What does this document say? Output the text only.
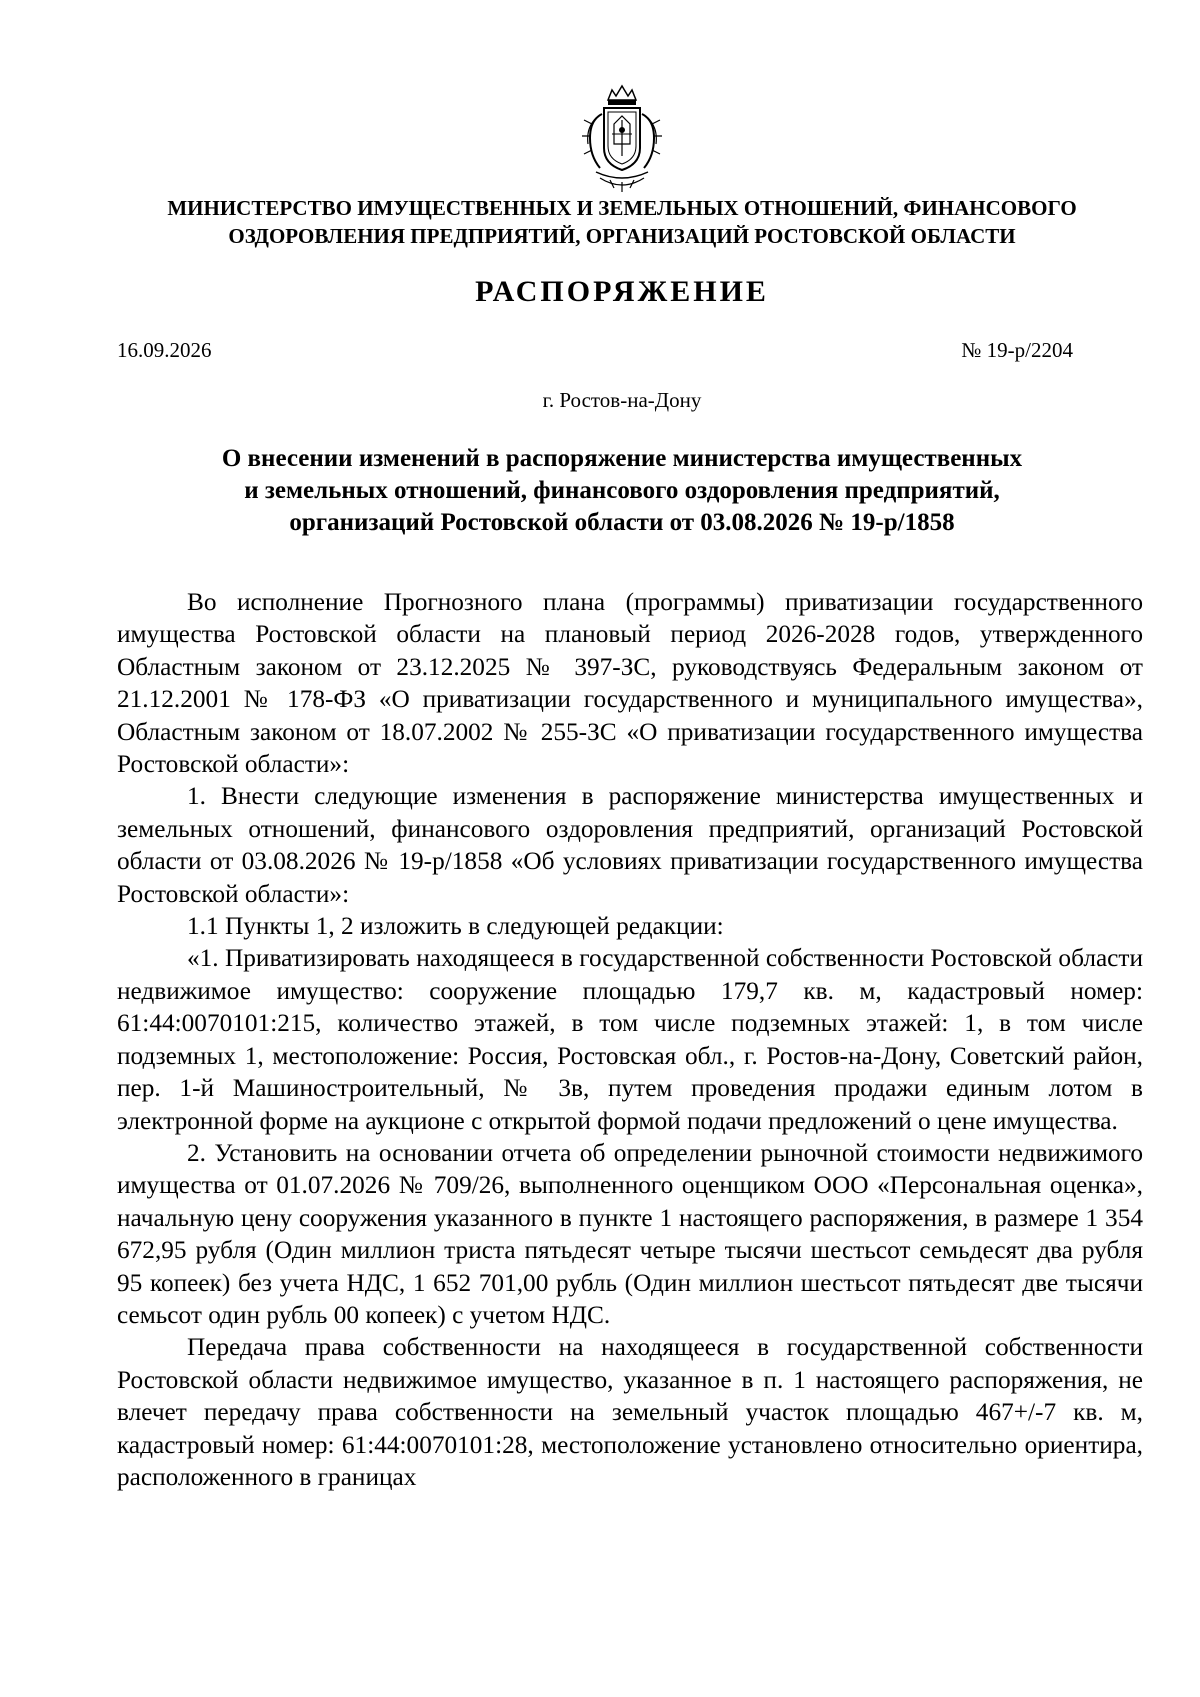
МИНИСТЕРСТВО ИМУЩЕСТВЕННЫХ И ЗЕМЕЛЬНЫХ ОТНОШЕНИЙ, ФИНАНСОВОГО
ОЗДОРОВЛЕНИЯ ПРЕДПРИЯТИЙ, ОРГАНИЗАЦИЙ РОСТОВСКОЙ ОБЛАСТИ
РАСПОРЯЖЕНИЕ
16.09.2026	№ 19-р/2204
г. Ростов-на-Дону
О внесении изменений в распоряжение министерства имущественных
и земельных отношений, финансового оздоровления предприятий,
организаций Ростовской области от 03.08.2026 № 19-р/1858

Во исполнение Прогнозного плана (программы) приватизации государственного имущества Ростовской области на плановый период 2026-2028 годов, утвержденного Областным законом от 23.12.2025 № 397-ЗС, руководствуясь Федеральным законом от 21.12.2001 № 178-ФЗ «О приватизации государственного и муниципального имущества», Областным законом от 18.07.2002 № 255-ЗС «О приватизации государственного имущества Ростовской области»:

1. Внести следующие изменения в распоряжение министерства имущественных и земельных отношений, финансового оздоровления предприятий, организаций Ростовской области от 03.08.2026 № 19-р/1858 «Об условиях приватизации государственного имущества Ростовской области»:

1.1 Пункты 1, 2 изложить в следующей редакции:

«1. Приватизировать находящееся в государственной собственности Ростовской области недвижимое имущество: сооружение площадью 179,7 кв. м, кадастровый номер: 61:44:0070101:215, количество этажей, в том числе подземных этажей: 1, в том числе подземных 1, местоположение: Россия, Ростовская обл., г. Ростов-на-Дону, Советский район, пер. 1-й Машиностроительный, № 3в, путем проведения продажи единым лотом в электронной форме на аукционе с открытой формой подачи предложений о цене имущества.

2. Установить на основании отчета об определении рыночной стоимости недвижимого имущества от 01.07.2026 № 709/26, выполненного оценщиком ООО «Персональная оценка», начальную цену сооружения указанного в пункте 1 настоящего распоряжения, в размере 1 354 672,95 рубля (Один миллион триста пятьдесят четыре тысячи шестьсот семьдесят два рубля 95 копеек) без учета НДС, 1 652 701,00 рубль (Один миллион шестьсот пятьдесят две тысячи семьсот один рубль 00 копеек) с учетом НДС.

Передача права собственности на находящееся в государственной собственности Ростовской области недвижимое имущество, указанное в п. 1 настоящего распоряжения, не влечет передачу права собственности на земельный участок площадью 467+/-7 кв. м, кадастровый номер: 61:44:0070101:28, местоположение установлено относительно ориентира, расположенного в границах
